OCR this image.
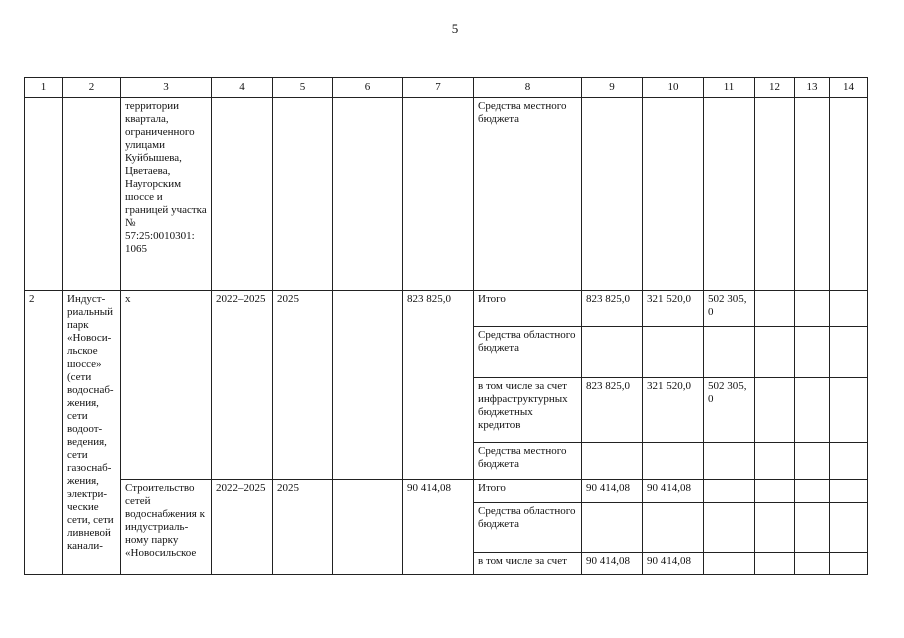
5
1	2	3	4	5	6	7	8	9	10	11	12	13	14
		территории квартала, ограниченного улицами Куйбышева, Цветаева, Наугорским шоссе и границей участка № 57:25:0010301: 1065					Средства местного бюджета						
2	Индуст-риальный парк «Новоси-льское шоссе» (сети водоснаб-жения, сети водоот-ведения, сети газоснаб-жения, электри-ческие сети, сети ливневой канали-	х	2022–2025	2025		823 825,0	Итого	823 825,0	321 520,0	502 305, 0			
							Средства областного бюджета						
							в том числе за счет инфраструктурных бюджетных кредитов	823 825,0	321 520,0	502 305, 0			
							Средства местного бюджета						
		Строительство сетей водоснабжения к индустриаль-ному парку «Новосильское	2022–2025	2025		90 414,08	Итого	90 414,08	90 414,08				
							Средства областного бюджета						
							в том числе за счет	90 414,08	90 414,08				
